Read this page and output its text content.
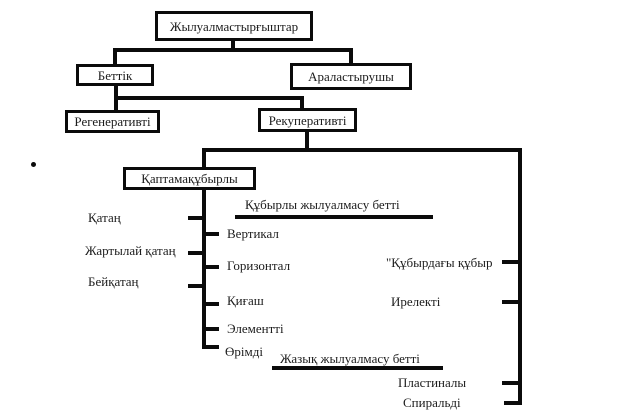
Жылуалмастырғыштар
Беттік	Араластырушы
Регенеративті	Рекуперативті
Қаптамақұбырлы
Қатаң
Жартылай қатаң
Бейқатаң
Құбырлы жылуалмасу бетті
Вертикал
Горизонтал
Қиғаш
Элементті
Өрімді
"Құбырдағы құбыр
Ирелекті
Жазық жылуалмасу бетті
Пластиналы
Спиральді
